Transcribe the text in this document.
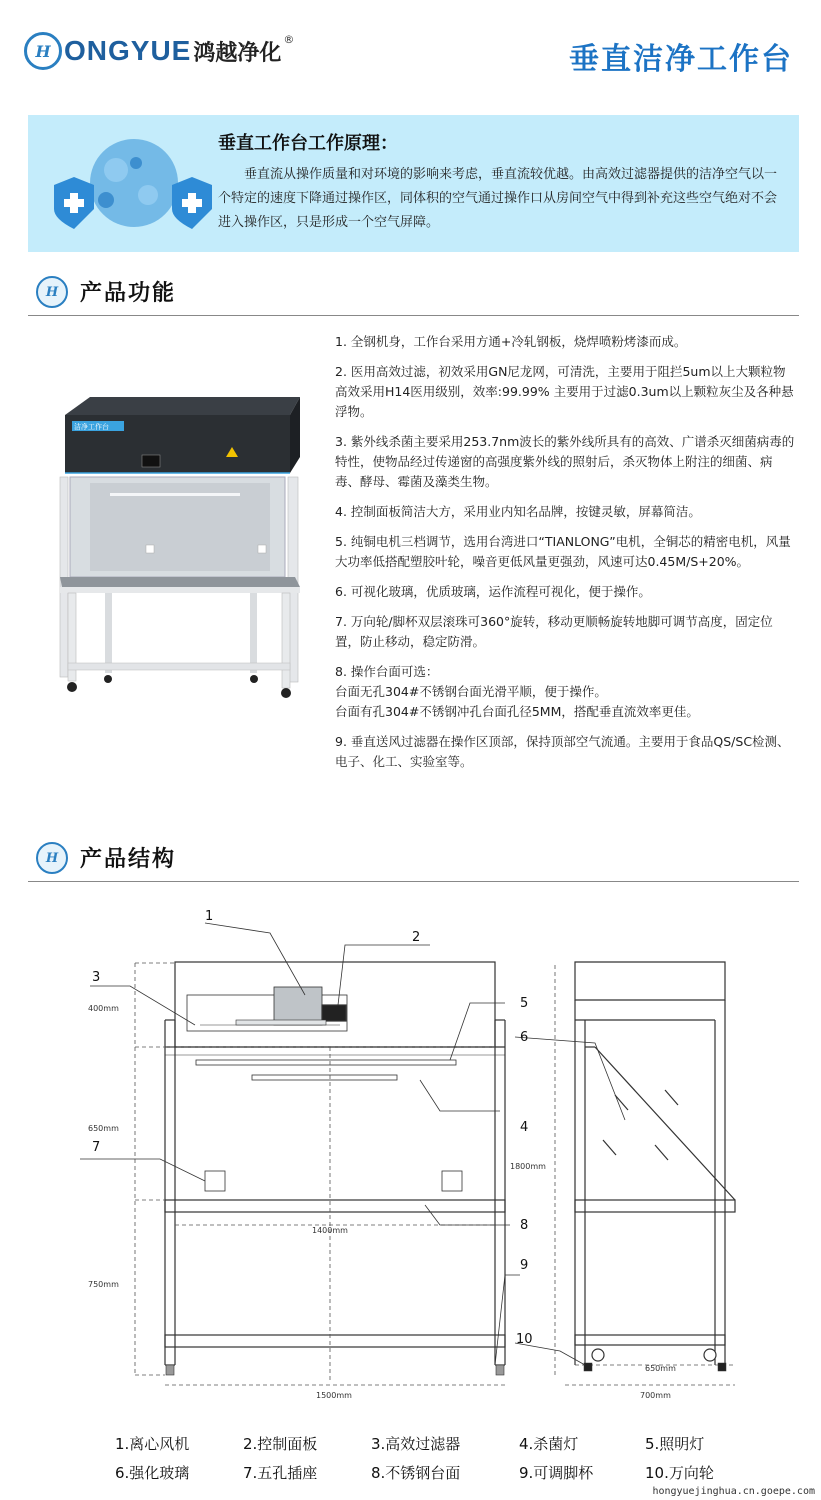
H ONGYUE 鸿越净化
®
垂直洁净工作台
垂直工作台工作原理：
垂直流从操作质量和对环境的影响来考虑，垂直流较优越。由高效过滤器提供的洁净空气以一个特定的速度下降通过操作区，同体积的空气通过操作口从房间空气中得到补充这些空气绝对不会进入操作区，只是形成一个空气屏障。
H 产品功能
洁净工作台
1. 全钢机身，工作台采用方通+冷轧钢板，烧焊喷粉烤漆而成。
2. 医用高效过滤，初效采用GN尼龙网，可清洗，主要用于阻拦5um以上大颗粒物高效采用H14医用级别，效率:99.99% 主要用于过滤0.3um以上颗粒灰尘及各种悬浮物。
3. 紫外线杀菌主要采用253.7nm波长的紫外线所具有的高效、广谱杀灭细菌病毒的特性，使物品经过传递窗的高强度紫外线的照射后，杀灭物体上附注的细菌、病毒、酵母、霉菌及藻类生物。
4. 控制面板简洁大方，采用业内知名品牌，按键灵敏，屏幕简洁。
5. 纯铜电机三档调节，选用台湾进口“TIANLONG”电机，全铜芯的精密电机，风量大功率低搭配塑胶叶轮，噪音更低风量更强劲，风速可达0.45M/S+20%。
6. 可视化玻璃，优质玻璃，运作流程可视化，便于操作。
7. 万向轮/脚杯双层滚珠可360°旋转，移动更顺畅旋转地脚可调节高度，固定位置，防止移动，稳定防滑。
8. 操作台面可选：
台面无孔304#不锈钢台面光滑平顺，便于操作。
台面有孔304#不锈钢冲孔台面孔径5MM，搭配垂直流效率更佳。
9. 垂直送风过滤器在操作区顶部，保持顶部空气流通。主要用于食品QS/SC检测、电子、化工、实验室等。
H 产品结构
1
2
3
4
5
6
7
8
9
10
400mm
650mm
750mm
1800mm
1400mm
1500mm
650mm
700mm
1.离心风机	2.控制面板	3.高效过滤器	4.杀菌灯	5.照明灯
6.强化玻璃	7.五孔插座	8.不锈钢台面	9.可调脚杯	10.万向轮
hongyuejinghua.cn.goepe.com
